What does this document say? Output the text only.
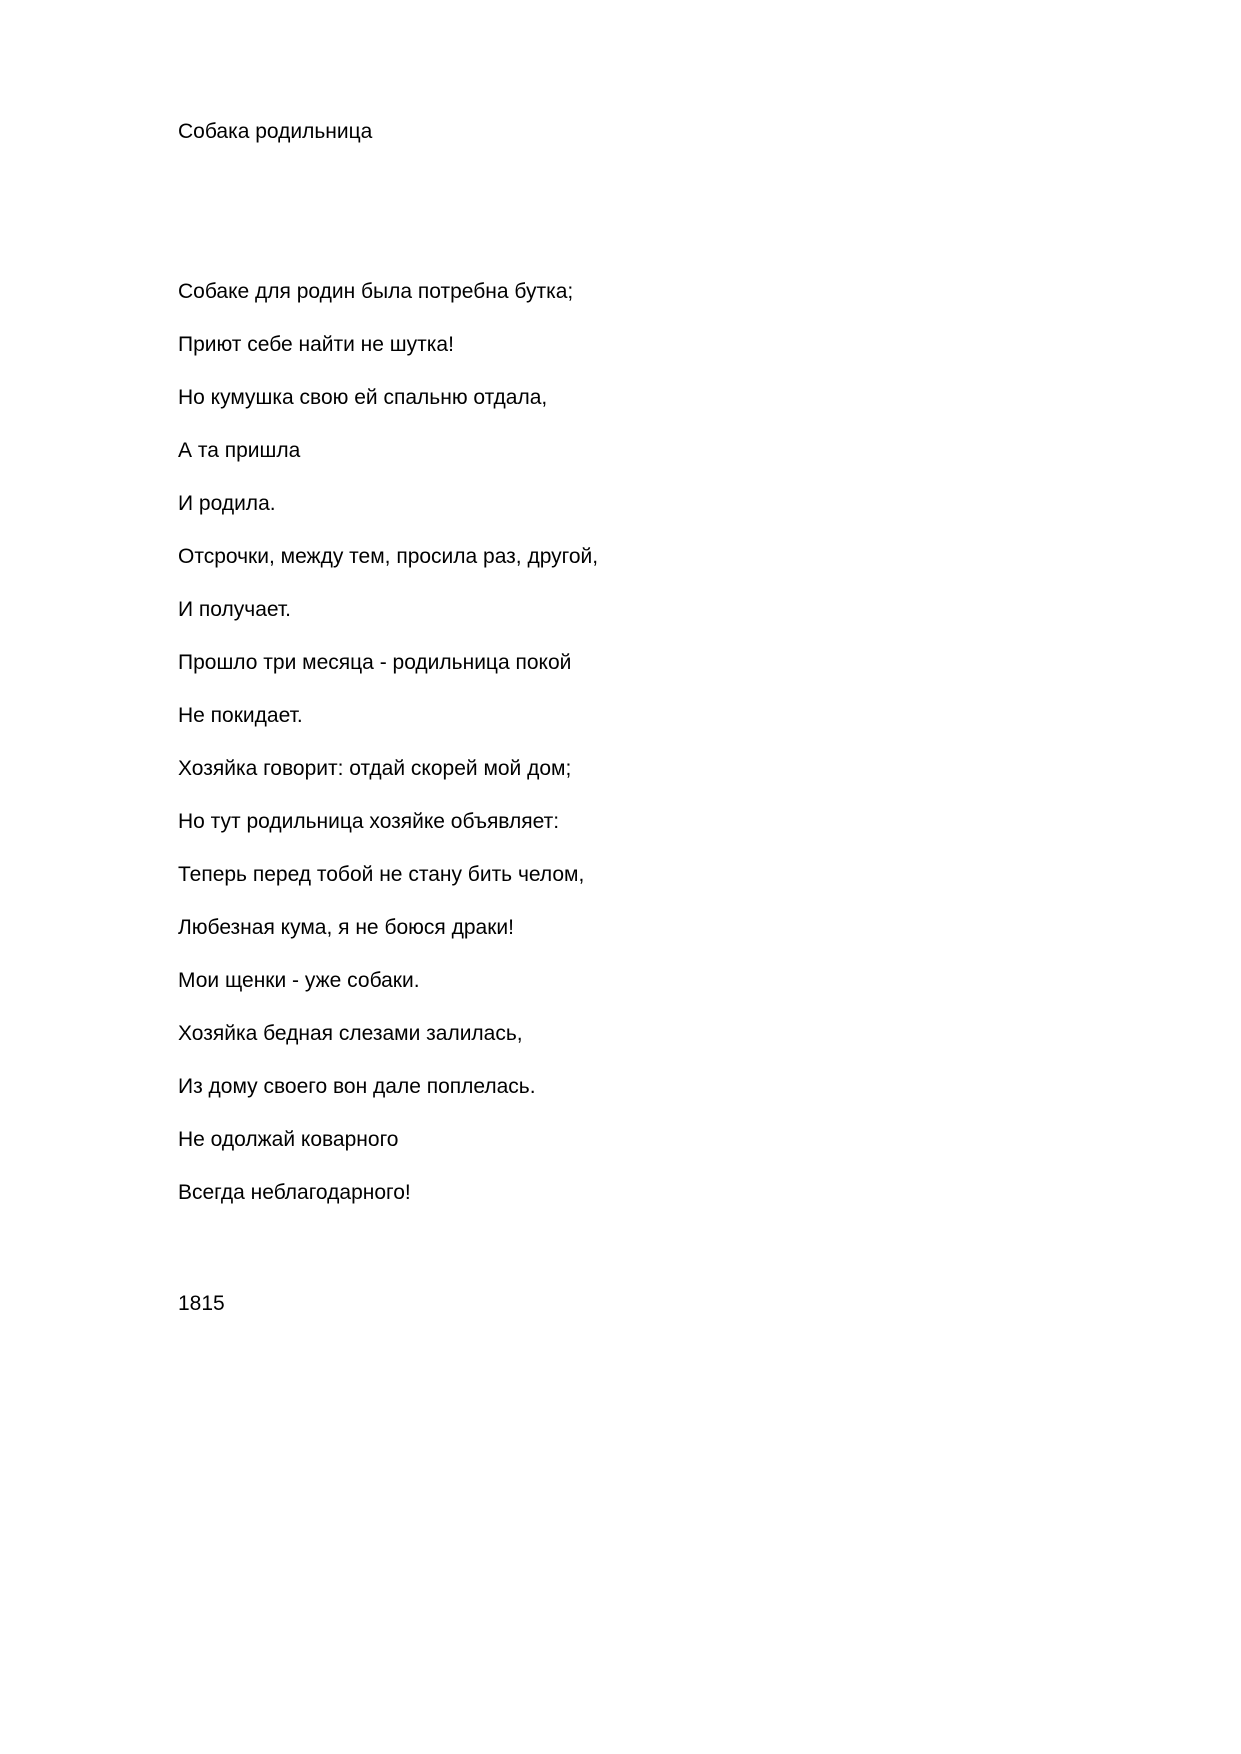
Собака родильница
Собаке для родин была потребна бутка;
Приют себе найти не шутка!
Но кумушка свою ей спальню отдала,
А та пришла
И родила.
Отсрочки, между тем, просила раз, другой,
И получает.
Прошло три месяца - родильница покой
Не покидает.
Хозяйка говорит: отдай скорей мой дом;
Но тут родильница хозяйке объявляет:
Теперь перед тобой не стану бить челом,
Любезная кума, я не боюся драки!
Мои щенки - уже собаки.
Хозяйка бедная слезами залилась,
Из дому своего вон дале поплелась.
Не одолжай коварного
Всегда неблагодарного!
1815
